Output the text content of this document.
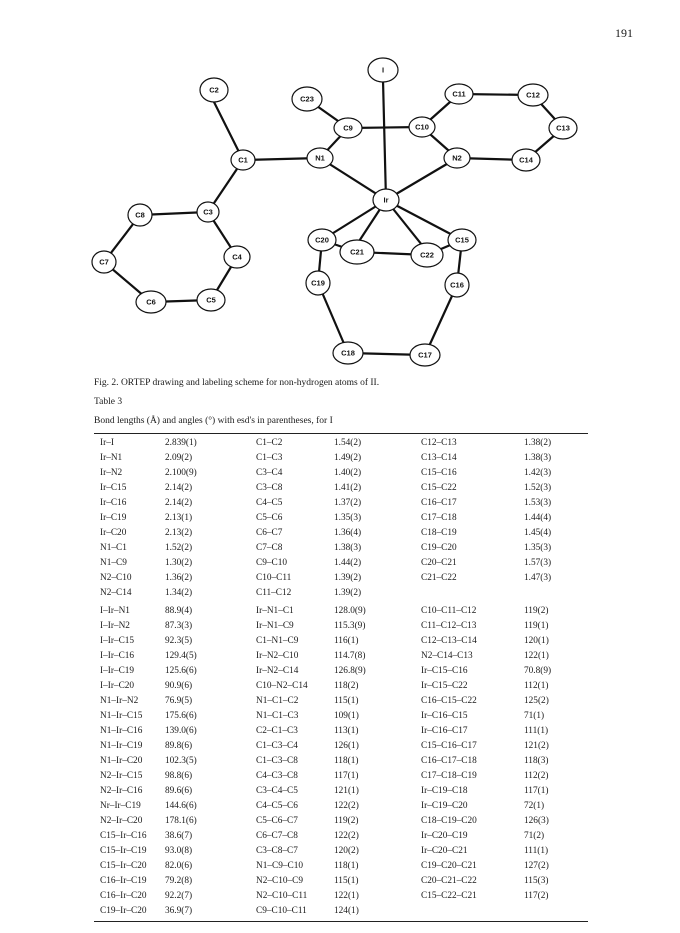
191
I
C2
C23
C9	C10
C11	C12
C13
C14
N2
N1
C1
C3
C8
C7
C6	C5
C4
Ir
C20
C21	C22
C15
C19	C16
C18	C17
Fig. 2. ORTEP drawing and labeling scheme for non-hydrogen atoms of II.
Table 3
Bond lengths (Å) and angles (°) with esd's in parentheses, for I
Ir–I	2.839(1)	C1–C2	1.54(2)	C12–C13	1.38(2)
Ir–N1	2.09(2)	C1–C3	1.49(2)	C13–C14	1.38(3)
Ir–N2	2.100(9)	C3–C4	1.40(2)	C15–C16	1.42(3)
Ir–C15	2.14(2)	C3–C8	1.41(2)	C15–C22	1.52(3)
Ir–C16	2.14(2)	C4–C5	1.37(2)	C16–C17	1.53(3)
Ir–C19	2.13(1)	C5–C6	1.35(3)	C17–C18	1.44(4)
Ir–C20	2.13(2)	C6–C7	1.36(4)	C18–C19	1.45(4)
N1–C1	1.52(2)	C7–C8	1.38(3)	C19–C20	1.35(3)
N1–C9	1.30(2)	C9–C10	1.44(2)	C20–C21	1.57(3)
N2–C10	1.36(2)	C10–C11	1.39(2)	C21–C22	1.47(3)
N2–C14	1.34(2)	C11–C12	1.39(2)
I–Ir–N1	88.9(4)	Ir–N1–C1	128.0(9)	C10–C11–C12	119(2)
I–Ir–N2	87.3(3)	Ir–N1–C9	115.3(9)	C11–C12–C13	119(1)
I–Ir–C15	92.3(5)	C1–N1–C9	116(1)	C12–C13–C14	120(1)
I–Ir–C16	129.4(5)	Ir–N2–C10	114.7(8)	N2–C14–C13	122(1)
I–Ir–C19	125.6(6)	Ir–N2–C14	126.8(9)	Ir–C15–C16	70.8(9)
I–Ir–C20	90.9(6)	C10–N2–C14	118(2)	Ir–C15–C22	112(1)
N1–Ir–N2	76.9(5)	N1–C1–C2	115(1)	C16–C15–C22	125(2)
N1–Ir–C15 175.6(6)	N1–C1–C3	109(1)	Ir–C16–C15	71(1)
N1–Ir–C16 139.0(6)	C2–C1–C3	113(1)	Ir–C16–C17	111(1)
N1–Ir–C19 89.8(6)	C1–C3–C4	126(1)	C15–C16–C17	121(2)
N1–Ir–C20 102.3(5)	C1–C3–C8	118(1)	C16–C17–C18	118(3)
N2–Ir–C15 98.8(6)	C4–C3–C8	117(1)	C17–C18–C19	112(2)
N2–Ir–C16 89.6(6)	C3–C4–C5	121(1)	Ir–C19–C18	117(1)
Nr–Ir–C19	144.6(6)	C4–C5–C6	122(2)	Ir–C19–C20	72(1)
N2–Ir–C20 178.1(6)	C5–C6–C7	119(2)	C18–C19–C20	126(3)
C15–Ir–C16 38.6(7)	C6–C7–C8	122(2)	Ir–C20–C19	71(2)
C15–Ir–C19 93.0(8)	C3–C8–C7	120(2)	Ir–C20–C21	111(1)
C15–Ir–C20 82.0(6)	N1–C9–C10	118(1)	C19–C20–C21	127(2)
C16–Ir–C19 79.2(8)	N2–C10–C9	115(1)	C20–C21–C22	115(3)
C16–Ir–C20 92.2(7)	N2–C10–C11	122(1)	C15–C22–C21	117(2)
C19–Ir–C20 36.9(7)	C9–C10–C11	124(1)
